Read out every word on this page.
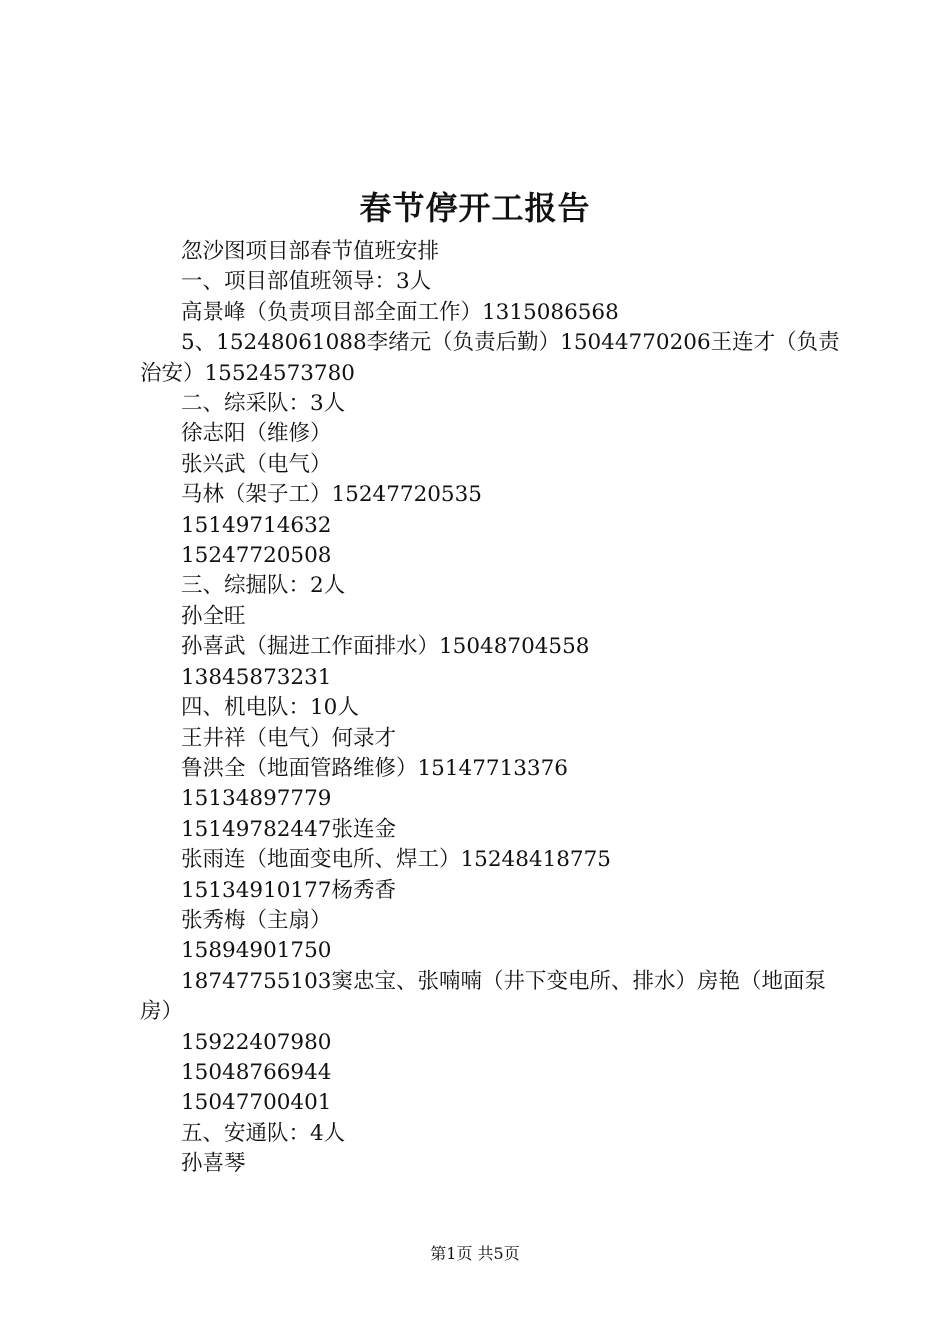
春节停开工报告

忽沙图项目部春节值班安排

一、项目部值班领导：3人

高景峰（负责项目部全面工作）1315086568

5、15248061088李绪元（负责后勤）15044770206王连才（负责治安）15524573780

二、综采队：3人

徐志阳（维修）

张兴武（电气）

马林（架子工）15247720535

15149714632

15247720508

三、综掘队：2人

孙全旺

孙喜武（掘进工作面排水）15048704558

13845873231

四、机电队：10人

王井祥（电气）何录才

鲁洪全（地面管路维修）15147713376

15134897779

15149782447张连金

张雨连（地面变电所、焊工）15248418775

15134910177杨秀香

张秀梅（主扇）

15894901750

18747755103窦忠宝、张喃喃（井下变电所、排水）房艳（地面泵房）

15922407980

15048766944

15047700401

五、安通队：4人

孙喜琴

第1页 共5页
